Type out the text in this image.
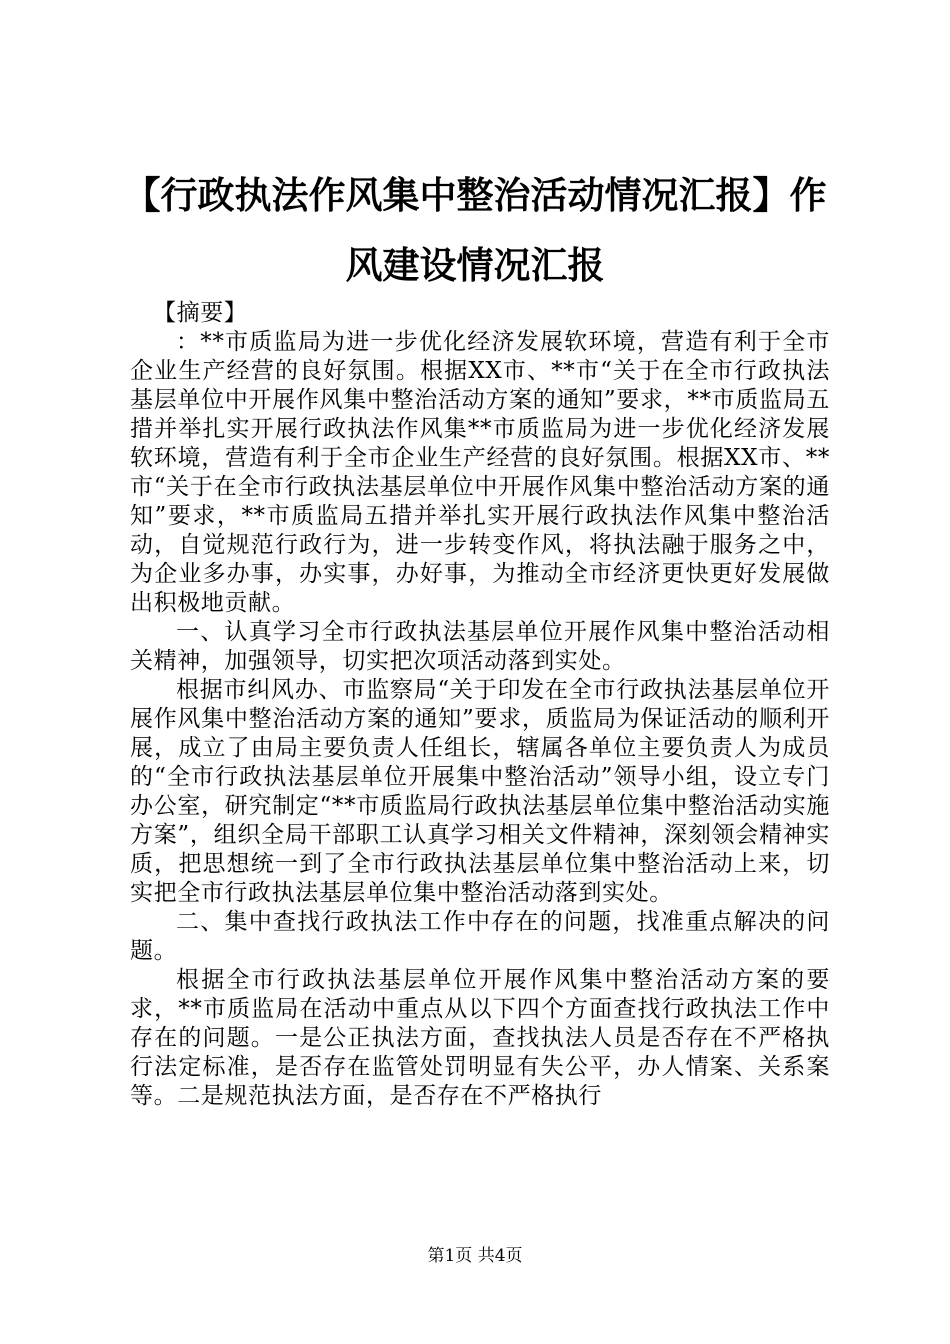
【行政执法作风集中整治活动情况汇报】作风建设情况汇报

【摘要】

：**市质监局为进一步优化经济发展软环境，营造有利于全市企业生产经营的良好氛围。根据XX市、**市“关于在全市行政执法基层单位中开展作风集中整治活动方案的通知”要求，**市质监局五措并举扎实开展行政执法作风集**市质监局为进一步优化经济发展软环境，营造有利于全市企业生产经营的良好氛围。根据XX市、**市“关于在全市行政执法基层单位中开展作风集中整治活动方案的通知”要求，**市质监局五措并举扎实开展行政执法作风集中整治活动，自觉规范行政行为，进一步转变作风，将执法融于服务之中，为企业多办事，办实事，办好事，为推动全市经济更快更好发展做出积极地贡献。

一、认真学习全市行政执法基层单位开展作风集中整治活动相关精神，加强领导，切实把次项活动落到实处。

根据市纠风办、市监察局“关于印发在全市行政执法基层单位开展作风集中整治活动方案的通知”要求，质监局为保证活动的顺利开展，成立了由局主要负责人任组长，辖属各单位主要负责人为成员的“全市行政执法基层单位开展集中整治活动”领导小组，设立专门办公室，研究制定“**市质监局行政执法基层单位集中整治活动实施方案”，组织全局干部职工认真学习相关文件精神，深刻领会精神实质，把思想统一到了全市行政执法基层单位集中整治活动上来，切实把全市行政执法基层单位集中整治活动落到实处。

二、集中查找行政执法工作中存在的问题，找准重点解决的问题。

根据全市行政执法基层单位开展作风集中整治活动方案的要求，**市质监局在活动中重点从以下四个方面查找行政执法工作中存在的问题。一是公正执法方面，查找执法人员是否存在不严格执行法定标准，是否存在监管处罚明显有失公平，办人情案、关系案等。二是规范执法方面，是否存在不严格执行

第1页 共4页
